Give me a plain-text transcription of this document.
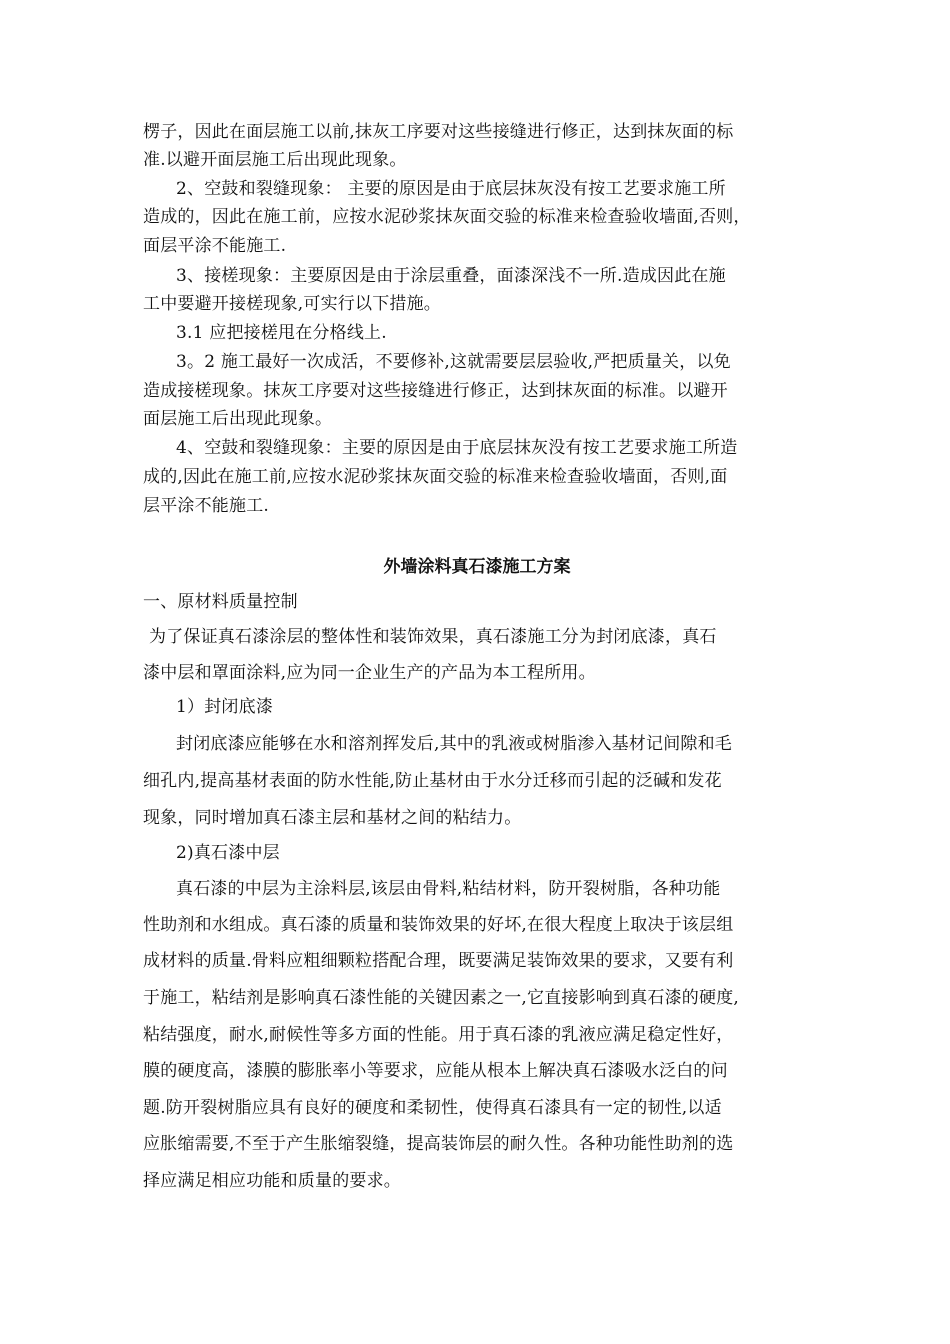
楞子，因此在面层施工以前,抹灰工序要对这些接缝进行修正，达到抹灰面的标
准.以避开面层施工后出现此现象。
2、空鼓和裂缝现象： 主要的原因是由于底层抹灰没有按工艺要求施工所
造成的，因此在施工前，应按水泥砂浆抹灰面交验的标准来检查验收墙面,否则，
面层平涂不能施工.
3、接槎现象：主要原因是由于涂层重叠，面漆深浅不一所.造成因此在施
工中要避开接槎现象,可实行以下措施。
3.1 应把接槎甩在分格线上.
3。2 施工最好一次成活，不要修补,这就需要层层验收,严把质量关，以免
造成接槎现象。抹灰工序要对这些接缝进行修正，达到抹灰面的标准。以避开
面层施工后出现此现象。
4、空鼓和裂缝现象：主要的原因是由于底层抹灰没有按工艺要求施工所造
成的,因此在施工前,应按水泥砂浆抹灰面交验的标准来检查验收墙面，否则,面
层平涂不能施工.
外墙涂料真石漆施工方案
一、原材料质量控制
为了保证真石漆涂层的整体性和装饰效果，真石漆施工分为封闭底漆，真石
漆中层和罩面涂料,应为同一企业生产的产品为本工程所用。
1）封闭底漆
封闭底漆应能够在水和溶剂挥发后,其中的乳液或树脂渗入基材记间隙和毛
细孔内,提高基材表面的防水性能,防止基材由于水分迁移而引起的泛碱和发花
现象，同时增加真石漆主层和基材之间的粘结力。
2)真石漆中层
真石漆的中层为主涂料层,该层由骨料,粘结材料，防开裂树脂，各种功能
性助剂和水组成。真石漆的质量和装饰效果的好坏,在很大程度上取决于该层组
成材料的质量.骨料应粗细颗粒搭配合理，既要满足装饰效果的要求，又要有利
于施工，粘结剂是影响真石漆性能的关键因素之一,它直接影响到真石漆的硬度,
粘结强度，耐水,耐候性等多方面的性能。用于真石漆的乳液应满足稳定性好，
膜的硬度高，漆膜的膨胀率小等要求，应能从根本上解决真石漆吸水泛白的问
题.防开裂树脂应具有良好的硬度和柔韧性，使得真石漆具有一定的韧性,以适
应胀缩需要,不至于产生胀缩裂缝，提高装饰层的耐久性。各种功能性助剂的选
择应满足相应功能和质量的要求。
